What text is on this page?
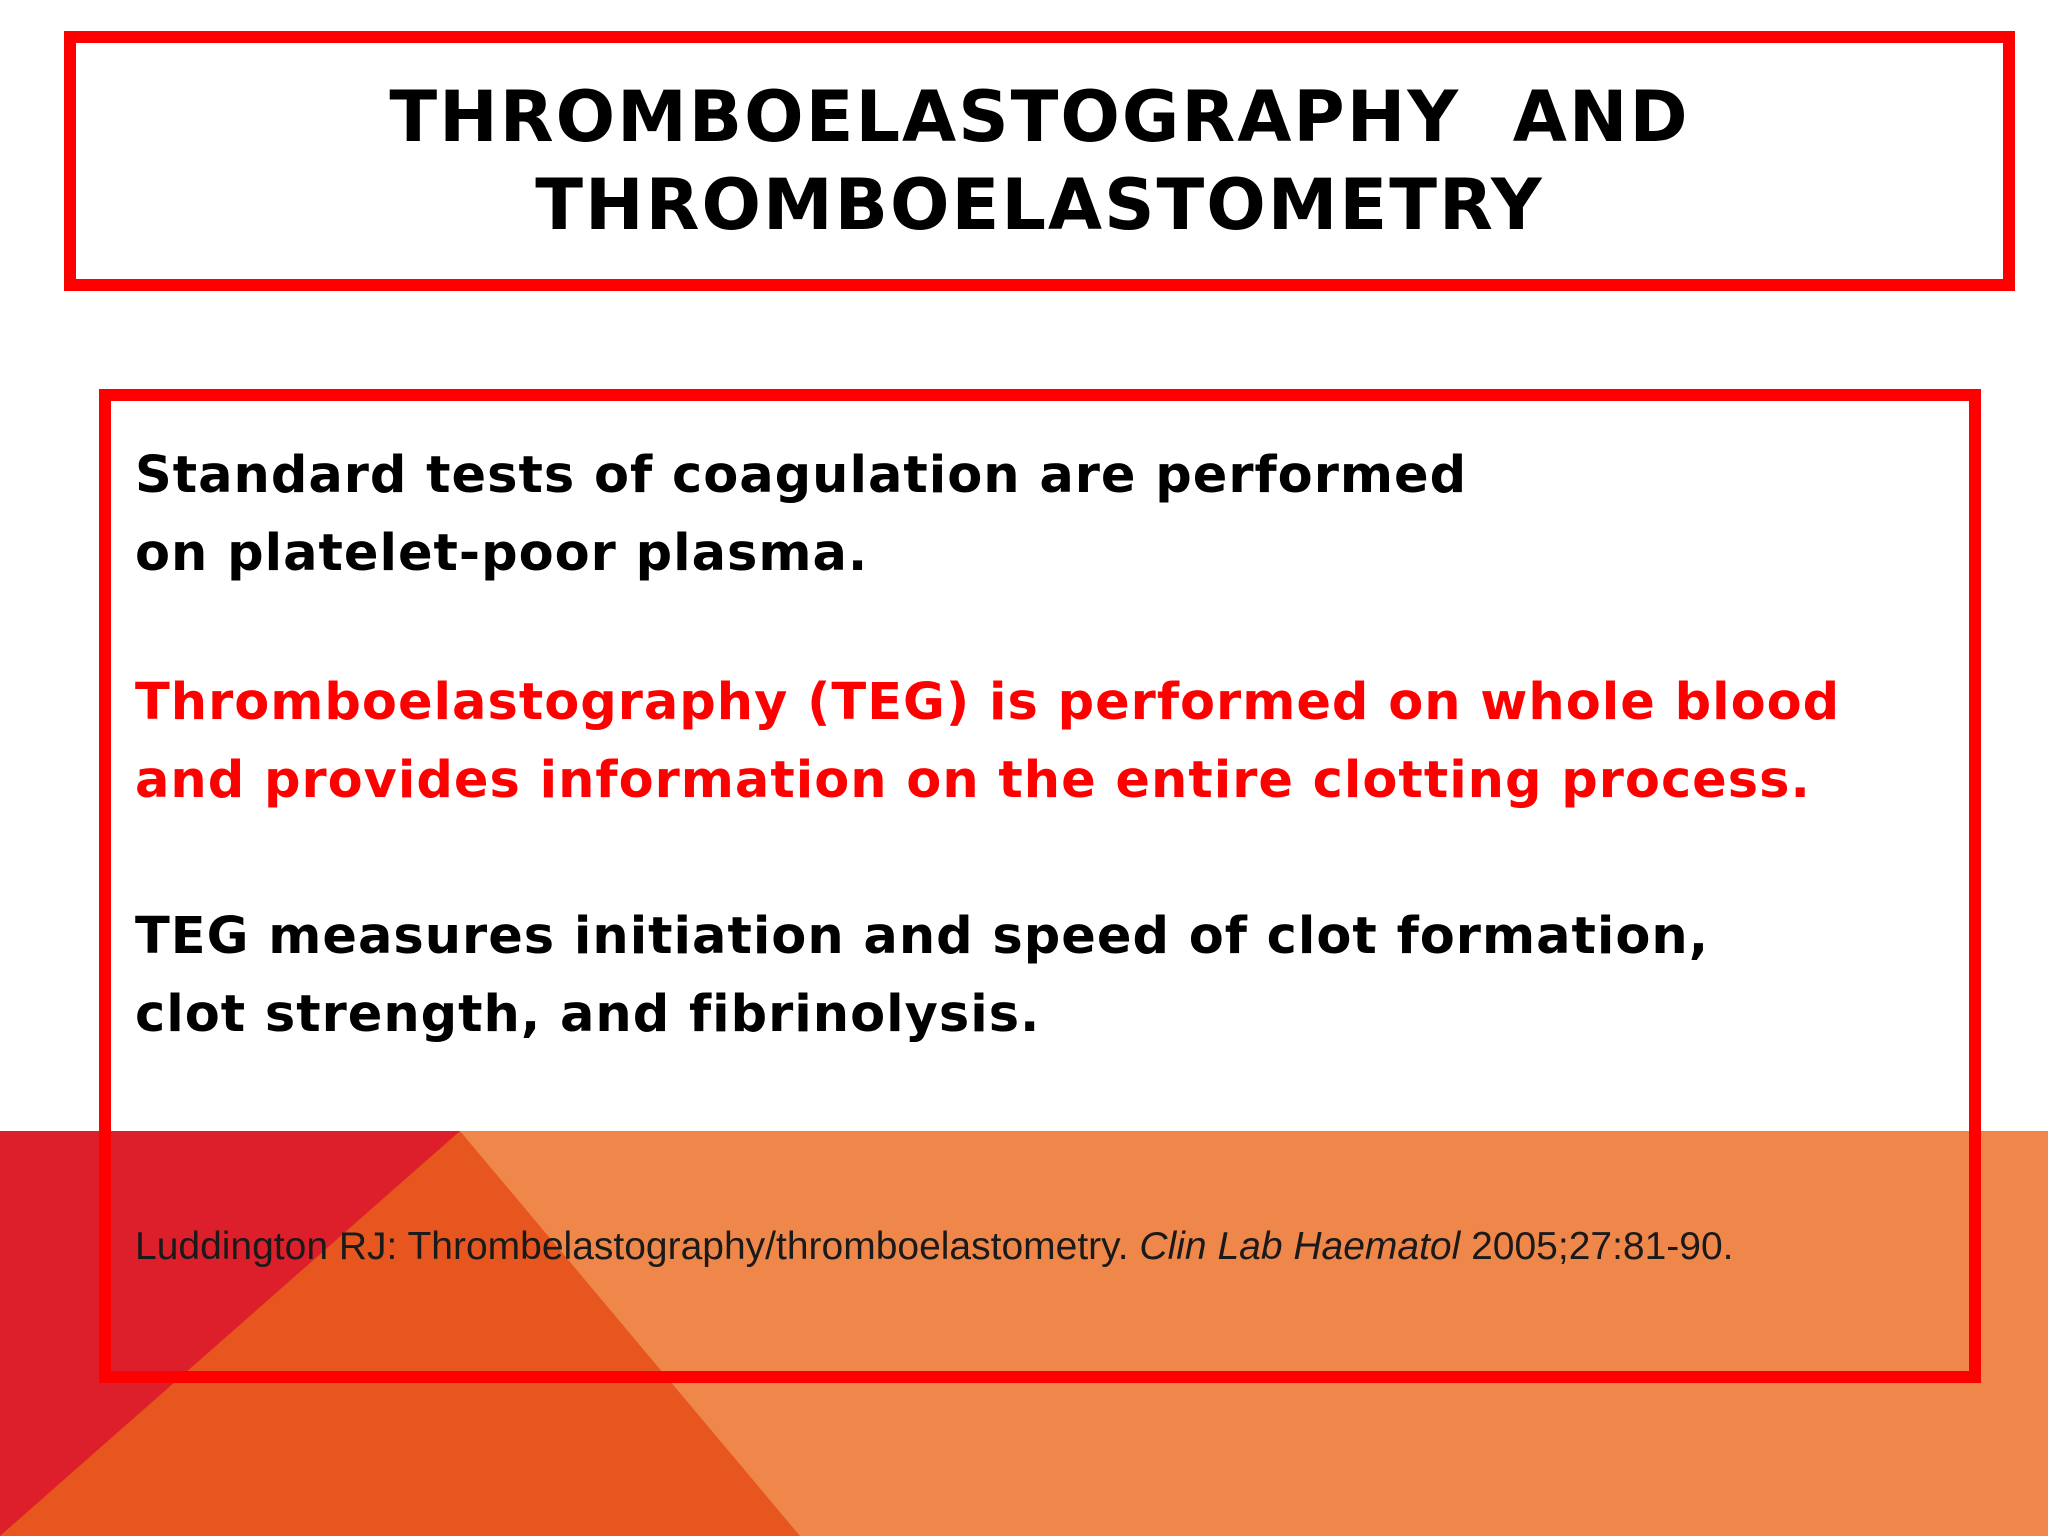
THROMBOELASTOGRAPHY  AND
THROMBOELASTOMETRY

Standard tests of coagulation are performed
on platelet-poor plasma.

Thromboelastography (TEG) is performed on whole blood
and provides information on the entire clotting process.

TEG measures initiation and speed of clot formation,
clot strength, and fibrinolysis.

Luddington RJ: Thrombelastography/thromboelastometry. Clin Lab Haematol 2005;27:81-90.
